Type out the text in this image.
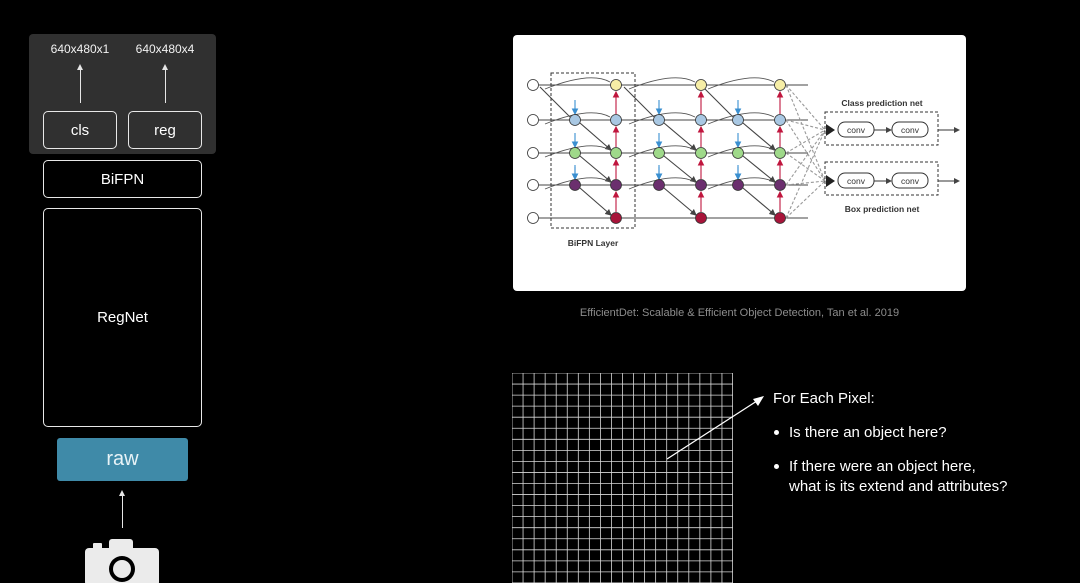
640x480x1	640x480x4
cls	reg
BiFPN
RegNet
raw
BiFPN Layer
Class prediction net
conv	conv
conv	conv
Box prediction net
EfficientDet: Scalable & Efficient Object Detection, Tan et al. 2019
For Each Pixel:
Is there an object here?
If there were an object here,
what is its extend and attributes?
